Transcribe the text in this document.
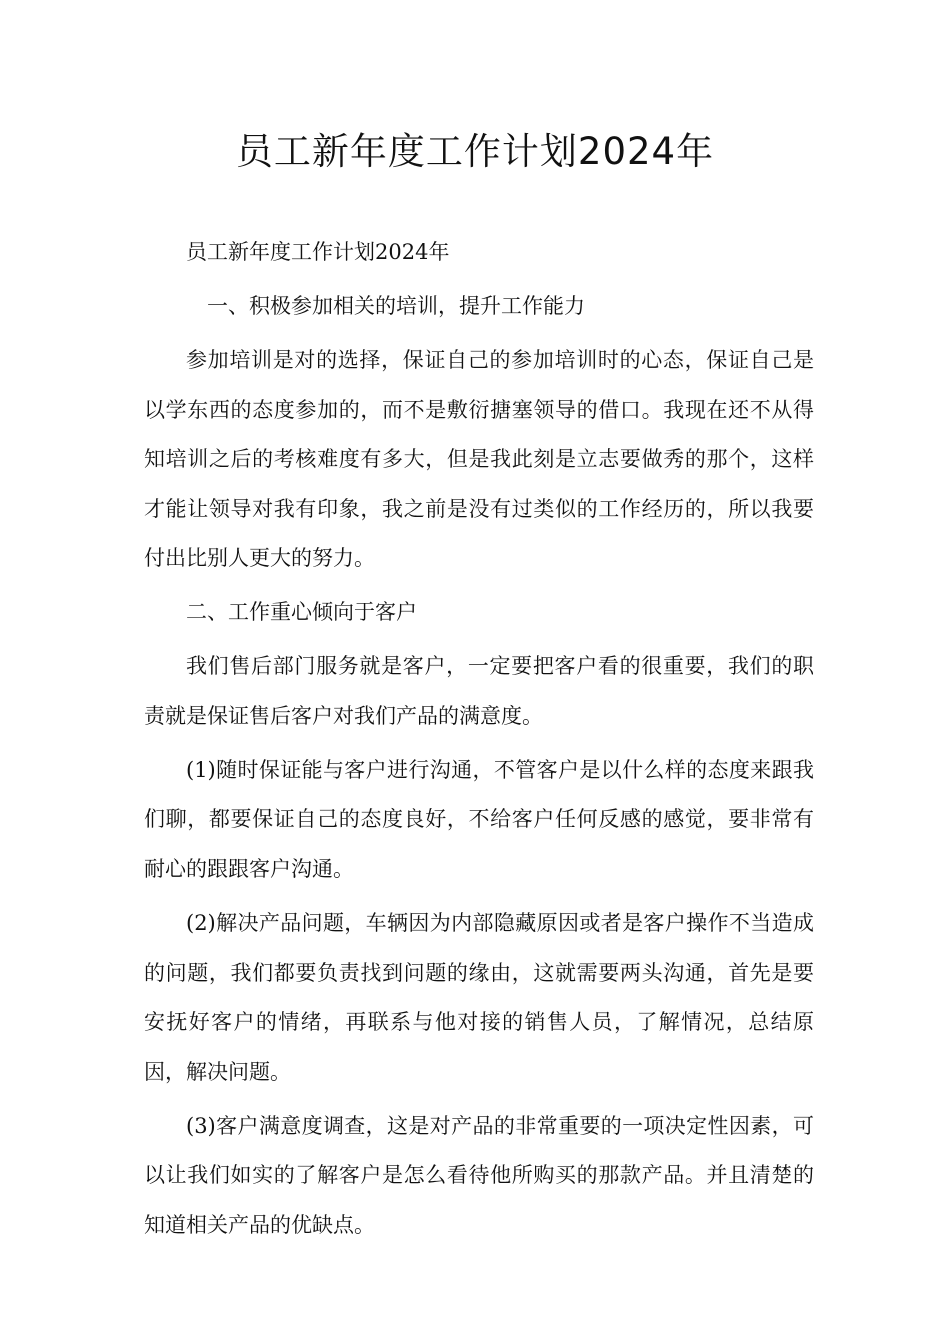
员工新年度工作计划2024年

员工新年度工作计划2024年

一、积极参加相关的培训，提升工作能力

参加培训是对的选择，保证自己的参加培训时的心态，保证自己是以学东西的态度参加的，而不是敷衍搪塞领导的借口。我现在还不从得知培训之后的考核难度有多大，但是我此刻是立志要做秀的那个，这样才能让领导对我有印象，我之前是没有过类似的工作经历的，所以我要付出比别人更大的努力。

二、工作重心倾向于客户

我们售后部门服务就是客户，一定要把客户看的很重要，我们的职责就是保证售后客户对我们产品的满意度。

(1)随时保证能与客户进行沟通，不管客户是以什么样的态度来跟我们聊，都要保证自己的态度良好，不给客户任何反感的感觉，要非常有耐心的跟跟客户沟通。

(2)解决产品问题，车辆因为内部隐藏原因或者是客户操作不当造成的问题，我们都要负责找到问题的缘由，这就需要两头沟通，首先是要安抚好客户的情绪，再联系与他对接的销售人员，了解情况，总结原因，解决问题。

(3)客户满意度调查，这是对产品的非常重要的一项决定性因素，可以让我们如实的了解客户是怎么看待他所购买的那款产品。并且清楚的知道相关产品的优缺点。
